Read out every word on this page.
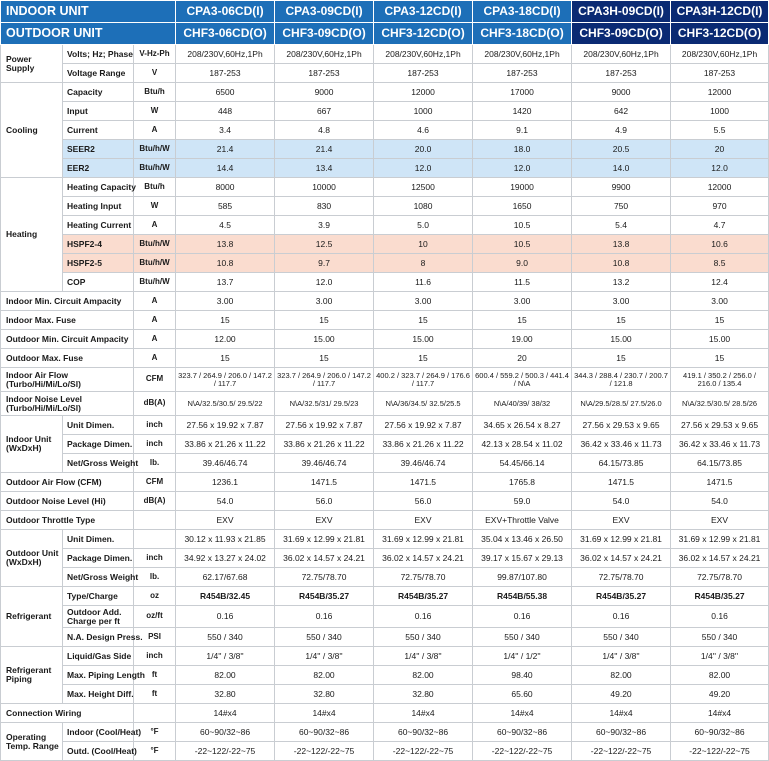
INDOOR UNIT			CPA3-06CD(I)	CPA3-09CD(I)	CPA3-12CD(I)	CPA3-18CD(I)	CPA3H-09CD(I)	CPA3H-12CD(I)
OUTDOOR UNIT			CHF3-06CD(O)	CHF3-09CD(O)	CHF3-12CD(O)	CHF3-18CD(O)	CHF3-09CD(O)	CHF3-12CD(O)
Power Supply	Volts; Hz; Phase	V-Hz-Ph	208/230V,60Hz,1Ph	208/230V,60Hz,1Ph	208/230V,60Hz,1Ph	208/230V,60Hz,1Ph	208/230V,60Hz,1Ph	208/230V,60Hz,1Ph
	Voltage Range	V	187-253	187-253	187-253	187-253	187-253	187-253
Cooling	Capacity	Btu/h	6500	9000	12000	17000	9000	12000
	Input	W	448	667	1000	1420	642	1000
	Current	A	3.4	4.8	4.6	9.1	4.9	5.5
	SEER2	Btu/h/W	21.4	21.4	20.0	18.0	20.5	20
	EER2	Btu/h/W	14.4	13.4	12.0	12.0	14.0	12.0
Heating	Heating Capacity	Btu/h	8000	10000	12500	19000	9900	12000
	Heating Input	W	585	830	1080	1650	750	970
	Heating Current	A	4.5	3.9	5.0	10.5	5.4	4.7
	HSPF2-4	Btu/h/W	13.8	12.5	10	10.5	13.8	10.6
	HSPF2-5	Btu/h/W	10.8	9.7	8	9.0	10.8	8.5
	COP	Btu/h/W	13.7	12.0	11.6	11.5	13.2	12.4
Indoor Min. Circuit Ampacity		A	3.00	3.00	3.00	3.00	3.00	3.00
Indoor Max. Fuse		A	15	15	15	15	15	15
Outdoor Min. Circuit Ampacity		A	12.00	15.00	15.00	19.00	15.00	15.00
Outdoor Max. Fuse		A	15	15	15	20	15	15
Indoor Air Flow (Turbo/Hi/Mi/Lo/Sl)		CFM	323.7 / 264.9 / 206.0 / 147.2 / 117.7	323.7 / 264.9 / 206.0 / 147.2 / 117.7	400.2 / 323.7 / 264.9 / 176.6 / 117.7	600.4 / 559.2 / 500.3 / 441.4 / N\A	344.3 / 288.4 / 230.7 / 200.7 / 121.8	419.1 / 350.2 / 256.0 / 216.0 / 135.4
Indoor Noise Level (Turbo/Hi/Mi/Lo/Sl)		dB(A)	N\A/32.5/30.5/ 29.5/22	N\A/32.5/31/ 29.5/23	N\A/36/34.5/ 32.5/25.5	N\A/40/39/ 38/32	N\A/29.5/28.5/ 27.5/26.0	N\A/32.5/30.5/ 28.5/26
Indoor Unit (WxDxH)	Unit Dimen.	inch	27.56 x 19.92 x 7.87	27.56 x 19.92 x 7.87	27.56 x 19.92 x 7.87	34.65 x 26.54 x 8.27	27.56 x 29.53 x 9.65	27.56 x 29.53 x 9.65
	Package Dimen.	inch	33.86 x 21.26 x 11.22	33.86 x 21.26 x 11.22	33.86 x 21.26 x 11.22	42.13 x 28.54 x 11.02	36.42 x 33.46 x 11.73	36.42 x 33.46 x 11.73
	Net/Gross Weight	lb.	39.46/46.74	39.46/46.74	39.46/46.74	54.45/66.14	64.15/73.85	64.15/73.85
Outdoor Air Flow (CFM)		CFM	1236.1	1471.5	1471.5	1765.8	1471.5	1471.5
Outdoor Noise Level (Hi)		dB(A)	54.0	56.0	56.0	59.0	54.0	54.0
Outdoor Throttle Type			EXV	EXV	EXV	EXV+Throttle Valve	EXV	EXV
Outdoor Unit (WxDxH)	Unit Dimen.		30.12 x 11.93 x 21.85	31.69 x 12.99 x 21.81	31.69 x 12.99 x 21.81	35.04 x 13.46 x 26.50	31.69 x 12.99 x 21.81	31.69 x 12.99 x 21.81
	Package Dimen.	inch	34.92 x 13.27 x 24.02	36.02 x 14.57 x 24.21	36.02 x 14.57 x 24.21	39.17 x 15.67 x 29.13	36.02 x 14.57 x 24.21	36.02 x 14.57 x 24.21
	Net/Gross Weight	lb.	62.17/67.68	72.75/78.70	72.75/78.70	99.87/107.80	72.75/78.70	72.75/78.70
Refrigerant	Type/Charge	oz	R454B/32.45	R454B/35.27	R454B/35.27	R454B/55.38	R454B/35.27	R454B/35.27
	Outdoor Add. Charge per ft	oz/ft	0.16	0.16	0.16	0.16	0.16	0.16
	N.A. Design Press.	PSI	550 / 340	550 / 340	550 / 340	550 / 340	550 / 340	550 / 340
Refrigerant Piping	Liquid/Gas Side	inch	1/4'' / 3/8''	1/4'' / 3/8''	1/4'' / 3/8''	1/4'' / 1/2''	1/4'' / 3/8''	1/4'' / 3/8''
	Max. Piping Length	ft	82.00	82.00	82.00	98.40	82.00	82.00
	Max. Height Diff.	ft	32.80	32.80	32.80	65.60	49.20	49.20
Connection Wiring			14#x4	14#x4	14#x4	14#x4	14#x4	14#x4
Operating Temp. Range	Indoor (Cool/Heat)	°F	60~90/32~86	60~90/32~86	60~90/32~86	60~90/32~86	60~90/32~86	60~90/32~86
	Outd. (Cool/Heat)	°F	-22~122/-22~75	-22~122/-22~75	-22~122/-22~75	-22~122/-22~75	-22~122/-22~75	-22~122/-22~75
